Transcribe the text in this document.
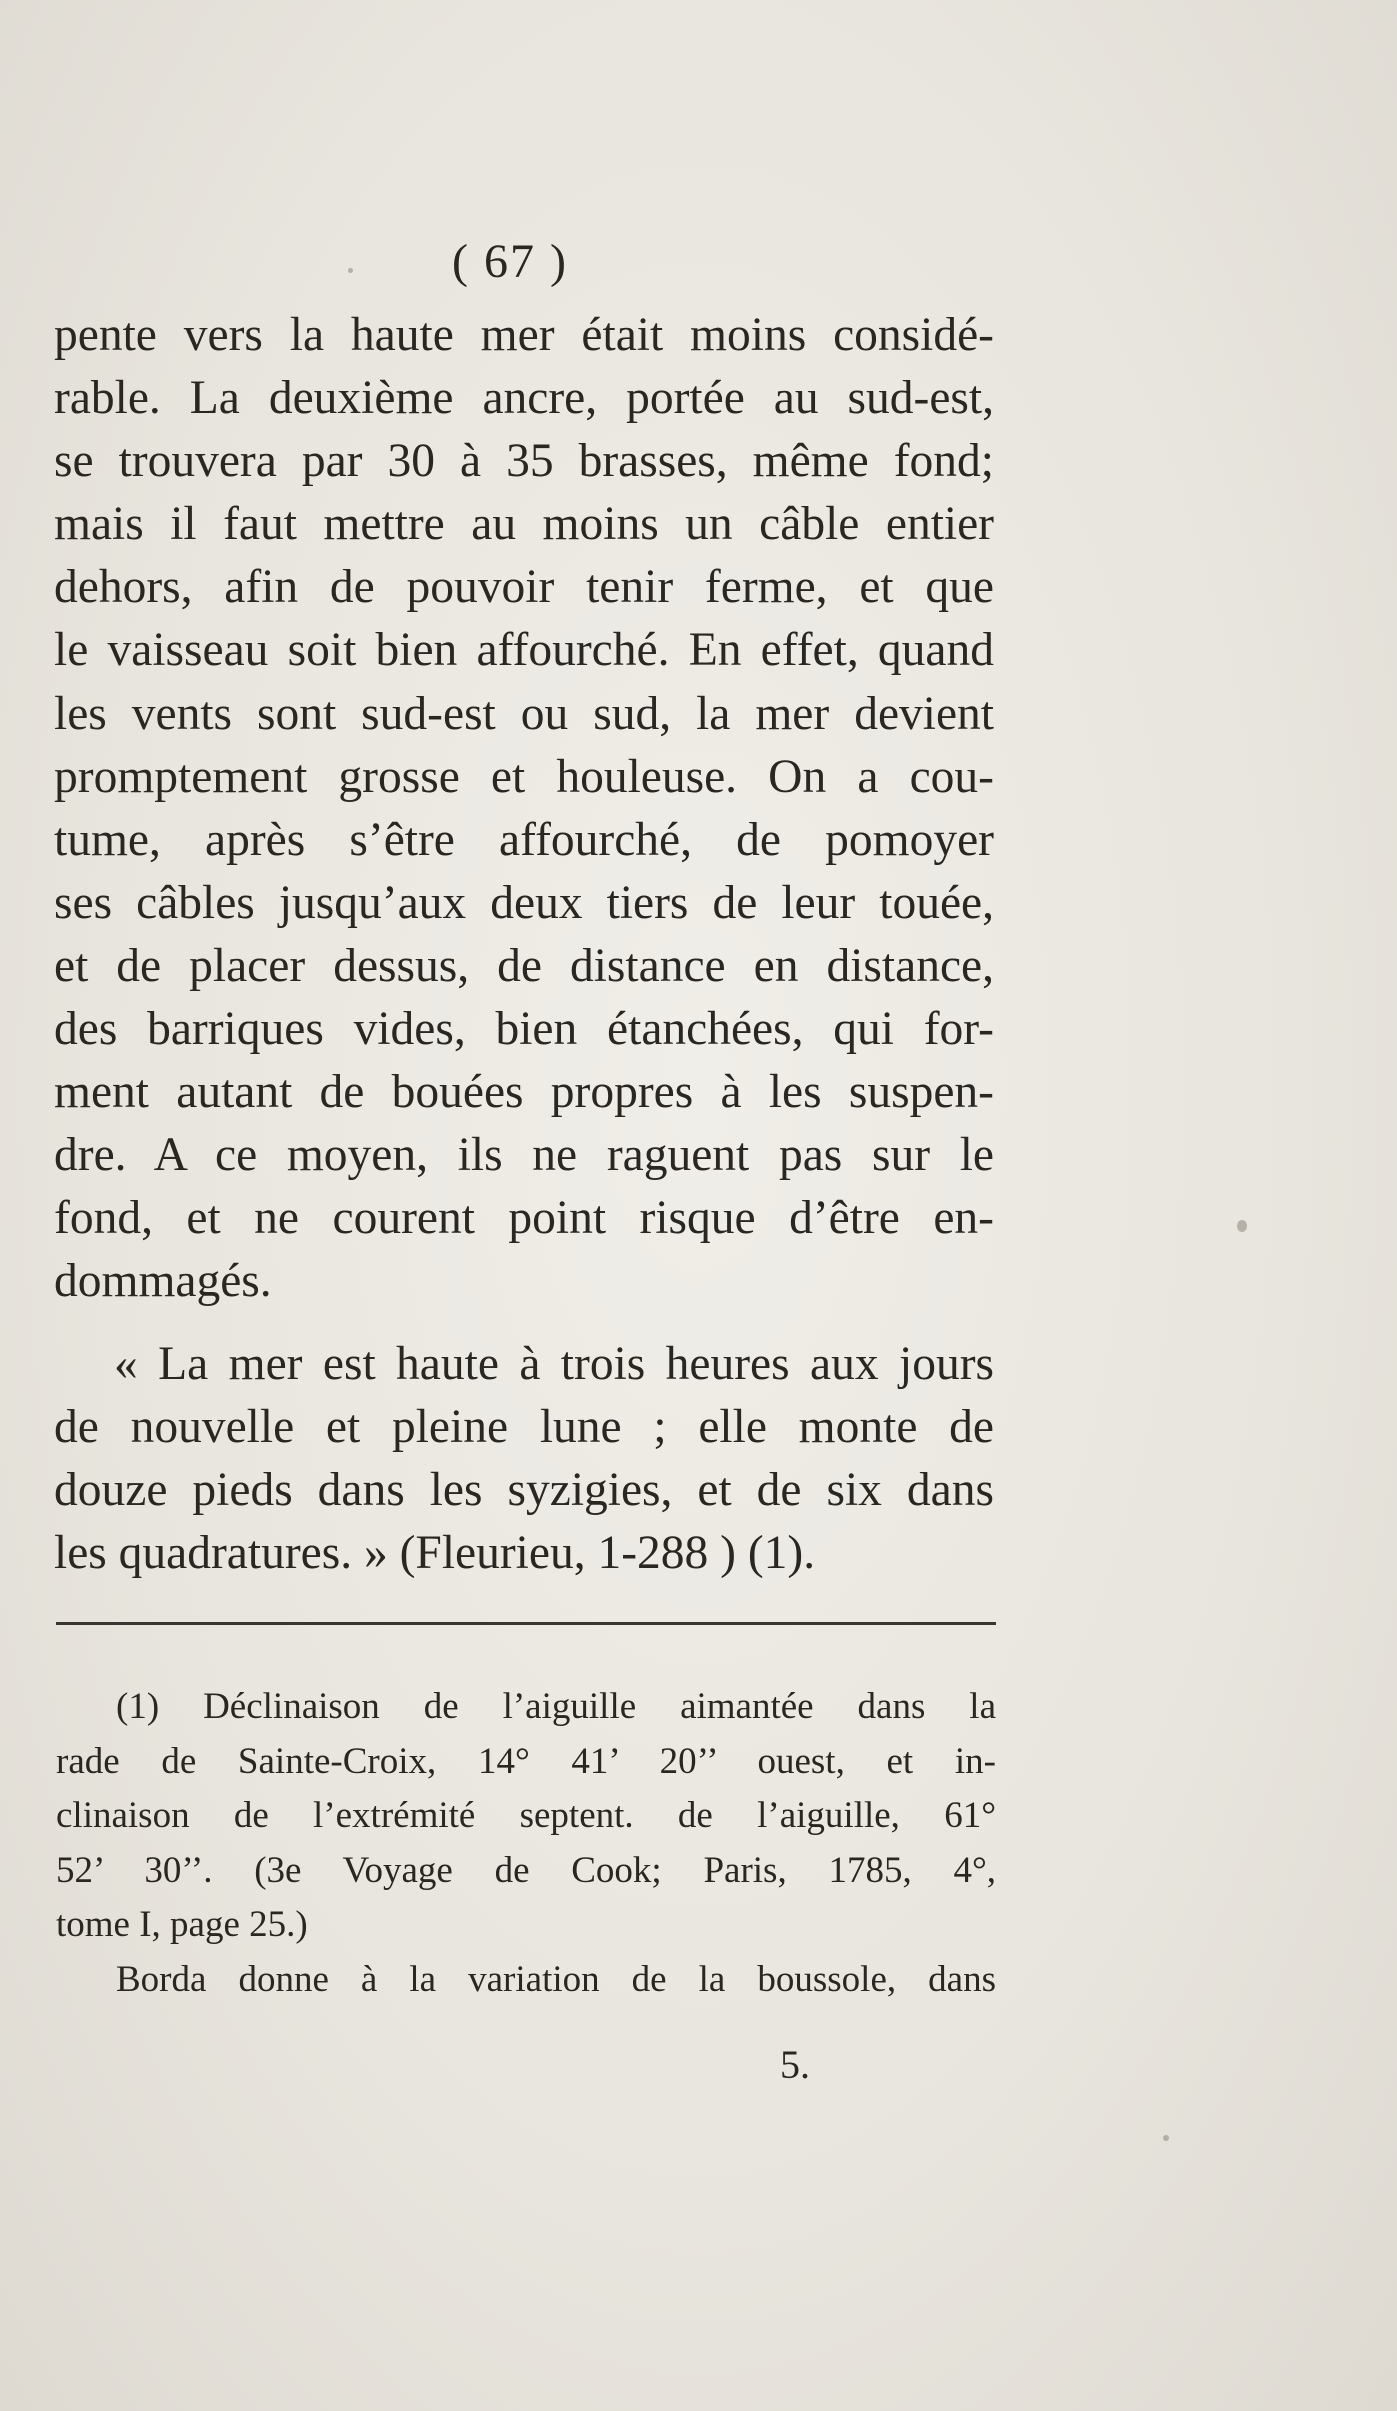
( 67 )
pente vers la haute mer était moins considé-
rable. La deuxième ancre, portée au sud-est,
se trouvera par 30 à 35 brasses, même fond;
mais il faut mettre au moins un câble entier
dehors, afin de pouvoir tenir ferme, et que
le vaisseau soit bien affourché. En effet, quand
les vents sont sud-est ou sud, la mer devient
promptement grosse et houleuse. On a cou-
tume, après s’être affourché, de pomoyer
ses câbles jusqu’aux deux tiers de leur touée,
et de placer dessus, de distance en distance,
des barriques vides, bien étanchées, qui for-
ment autant de bouées propres à les suspen-
dre. A ce moyen, ils ne raguent pas sur le
fond, et ne courent point risque d’être en-
dommagés.
« La mer est haute à trois heures aux jours
de nouvelle et pleine lune ; elle monte de
douze pieds dans les syzigies, et de six dans
les quadratures. » (Fleurieu, 1-288 ) (1).
(1) Déclinaison de l’aiguille aimantée dans la
rade de Sainte-Croix, 14° 41’ 20’’ ouest, et in-
clinaison de l’extrémité septent. de l’aiguille, 61°
52’ 30’’. (3e Voyage de Cook; Paris, 1785, 4°,
tome I, page 25.)
Borda donne à la variation de la boussole, dans
5.
